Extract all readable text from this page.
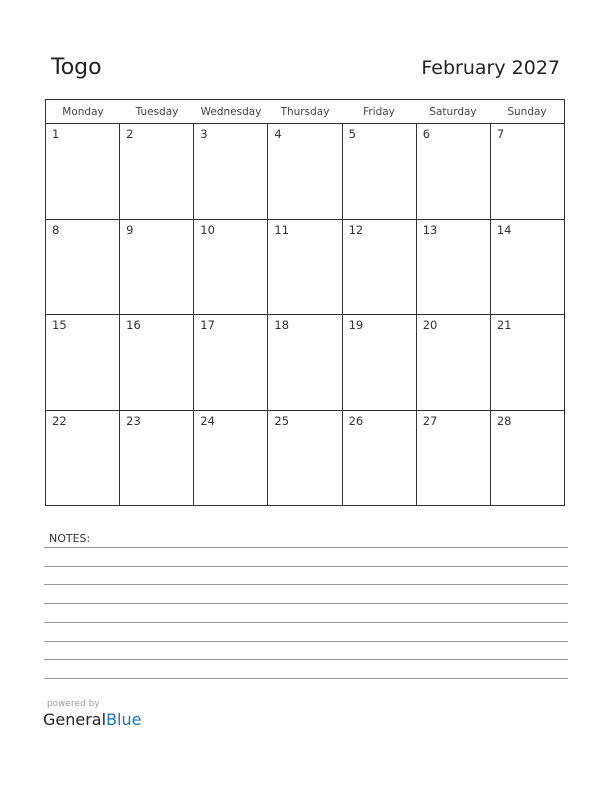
Togo	February 2027
Monday	Tuesday	Wednesday	Thursday	Friday	Saturday	Sunday
1	2	3	4	5	6	7
8	9	10	11	12	13	14
15	16	17	18	19	20	21
22	23	24	25	26	27	28
NOTES:
powered by
GeneralBlue
